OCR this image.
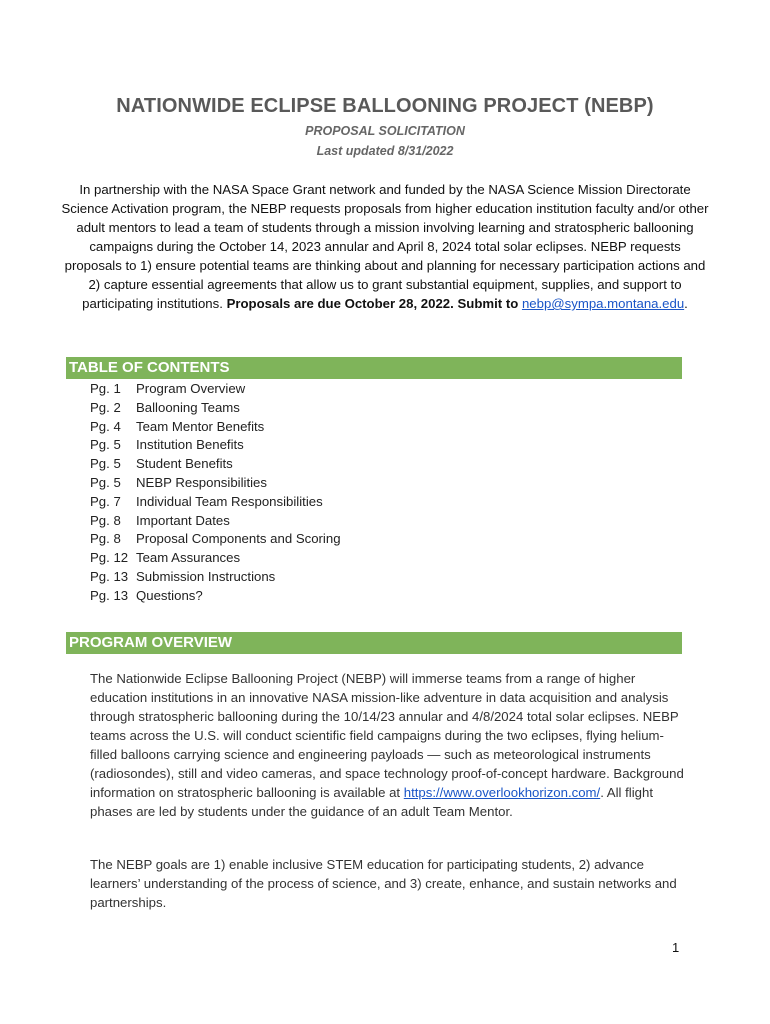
NATIONWIDE ECLIPSE BALLOONING PROJECT (NEBP)
PROPOSAL SOLICITATION
Last updated 8/31/2022
In partnership with the NASA Space Grant network and funded by the NASA Science Mission Directorate Science Activation program, the NEBP requests proposals from higher education institution faculty and/or other adult mentors to lead a team of students through a mission involving learning and stratospheric ballooning campaigns during the October 14, 2023 annular and April 8, 2024 total solar eclipses. NEBP requests proposals to 1) ensure potential teams are thinking about and planning for necessary participation actions and 2) capture essential agreements that allow us to grant substantial equipment, supplies, and support to participating institutions. Proposals are due October 28, 2022. Submit to nebp@sympa.montana.edu.
TABLE OF CONTENTS
Pg. 1	Program Overview
Pg. 2	Ballooning Teams
Pg. 4	Team Mentor Benefits
Pg. 5	Institution Benefits
Pg. 5	Student Benefits
Pg. 5	NEBP Responsibilities
Pg. 7	Individual Team Responsibilities
Pg. 8	Important Dates
Pg. 8	Proposal Components and Scoring
Pg. 12 Team Assurances
Pg. 13 Submission Instructions
Pg. 13 Questions?
PROGRAM OVERVIEW
The Nationwide Eclipse Ballooning Project (NEBP) will immerse teams from a range of higher education institutions in an innovative NASA mission-like adventure in data acquisition and analysis through stratospheric ballooning during the 10/14/23 annular and 4/8/2024 total solar eclipses. NEBP teams across the U.S. will conduct scientific field campaigns during the two eclipses, flying helium-filled balloons carrying science and engineering payloads — such as meteorological instruments (radiosondes), still and video cameras, and space technology proof-of-concept hardware. Background information on stratospheric ballooning is available at https://www.overlookhorizon.com/. All flight phases are led by students under the guidance of an adult Team Mentor.
The NEBP goals are 1) enable inclusive STEM education for participating students, 2) advance learners’ understanding of the process of science, and 3) create, enhance, and sustain networks and partnerships.
1
